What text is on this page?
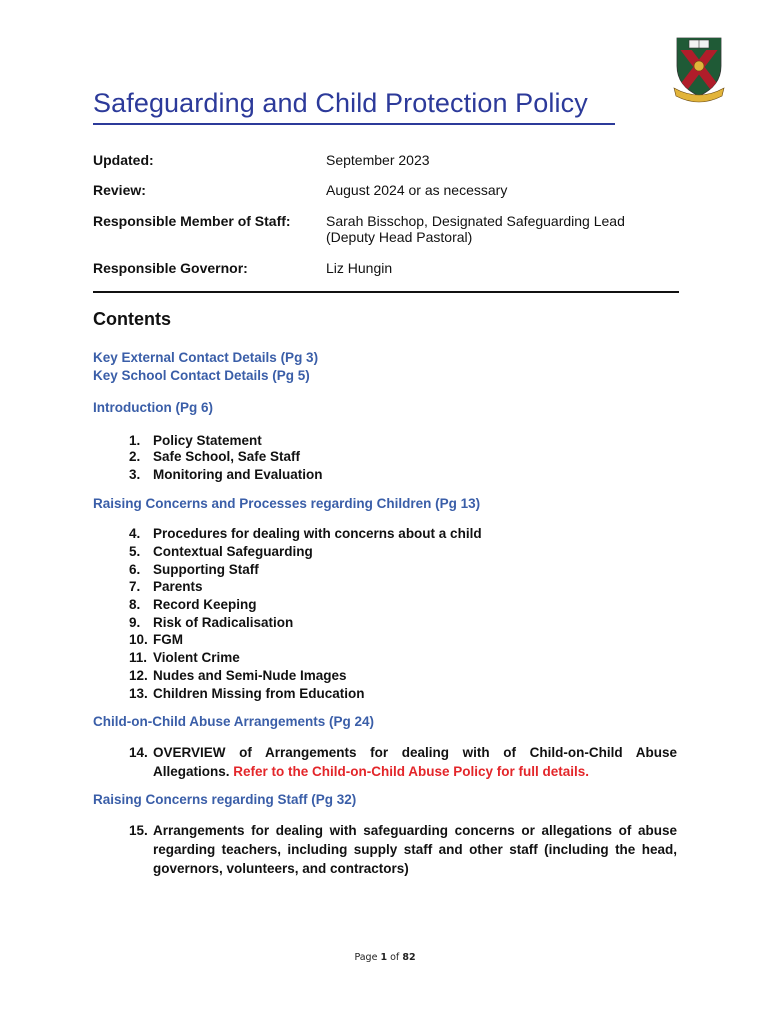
Safeguarding and Child Protection Policy
Updated:	September 2023
Review:	August 2024 or as necessary
Responsible Member of Staff:	Sarah Bisschop, Designated Safeguarding Lead
(Deputy Head Pastoral)
Responsible Governor:	Liz Hungin
Contents
Key External Contact Details (Pg 3)
Key School Contact Details (Pg 5)
Introduction (Pg 6)
1. Policy Statement
2. Safe School, Safe Staff
3. Monitoring and Evaluation
Raising Concerns and Processes regarding Children (Pg 13)
4. Procedures for dealing with concerns about a child
5. Contextual Safeguarding
6. Supporting Staff
7. Parents
8. Record Keeping
9. Risk of Radicalisation
10. FGM
11. Violent Crime
12. Nudes and Semi-Nude Images
13. Children Missing from Education
Child-on-Child Abuse Arrangements (Pg 24)
14. OVERVIEW of Arrangements for dealing with of Child-on-Child Abuse Allegations. Refer to the Child-on-Child Abuse Policy for full details.
Raising Concerns regarding Staff (Pg 32)
15. Arrangements for dealing with safeguarding concerns or allegations of abuse regarding teachers, including supply staff and other staff (including the head, governors, volunteers, and contractors)
Page 1 of 82
